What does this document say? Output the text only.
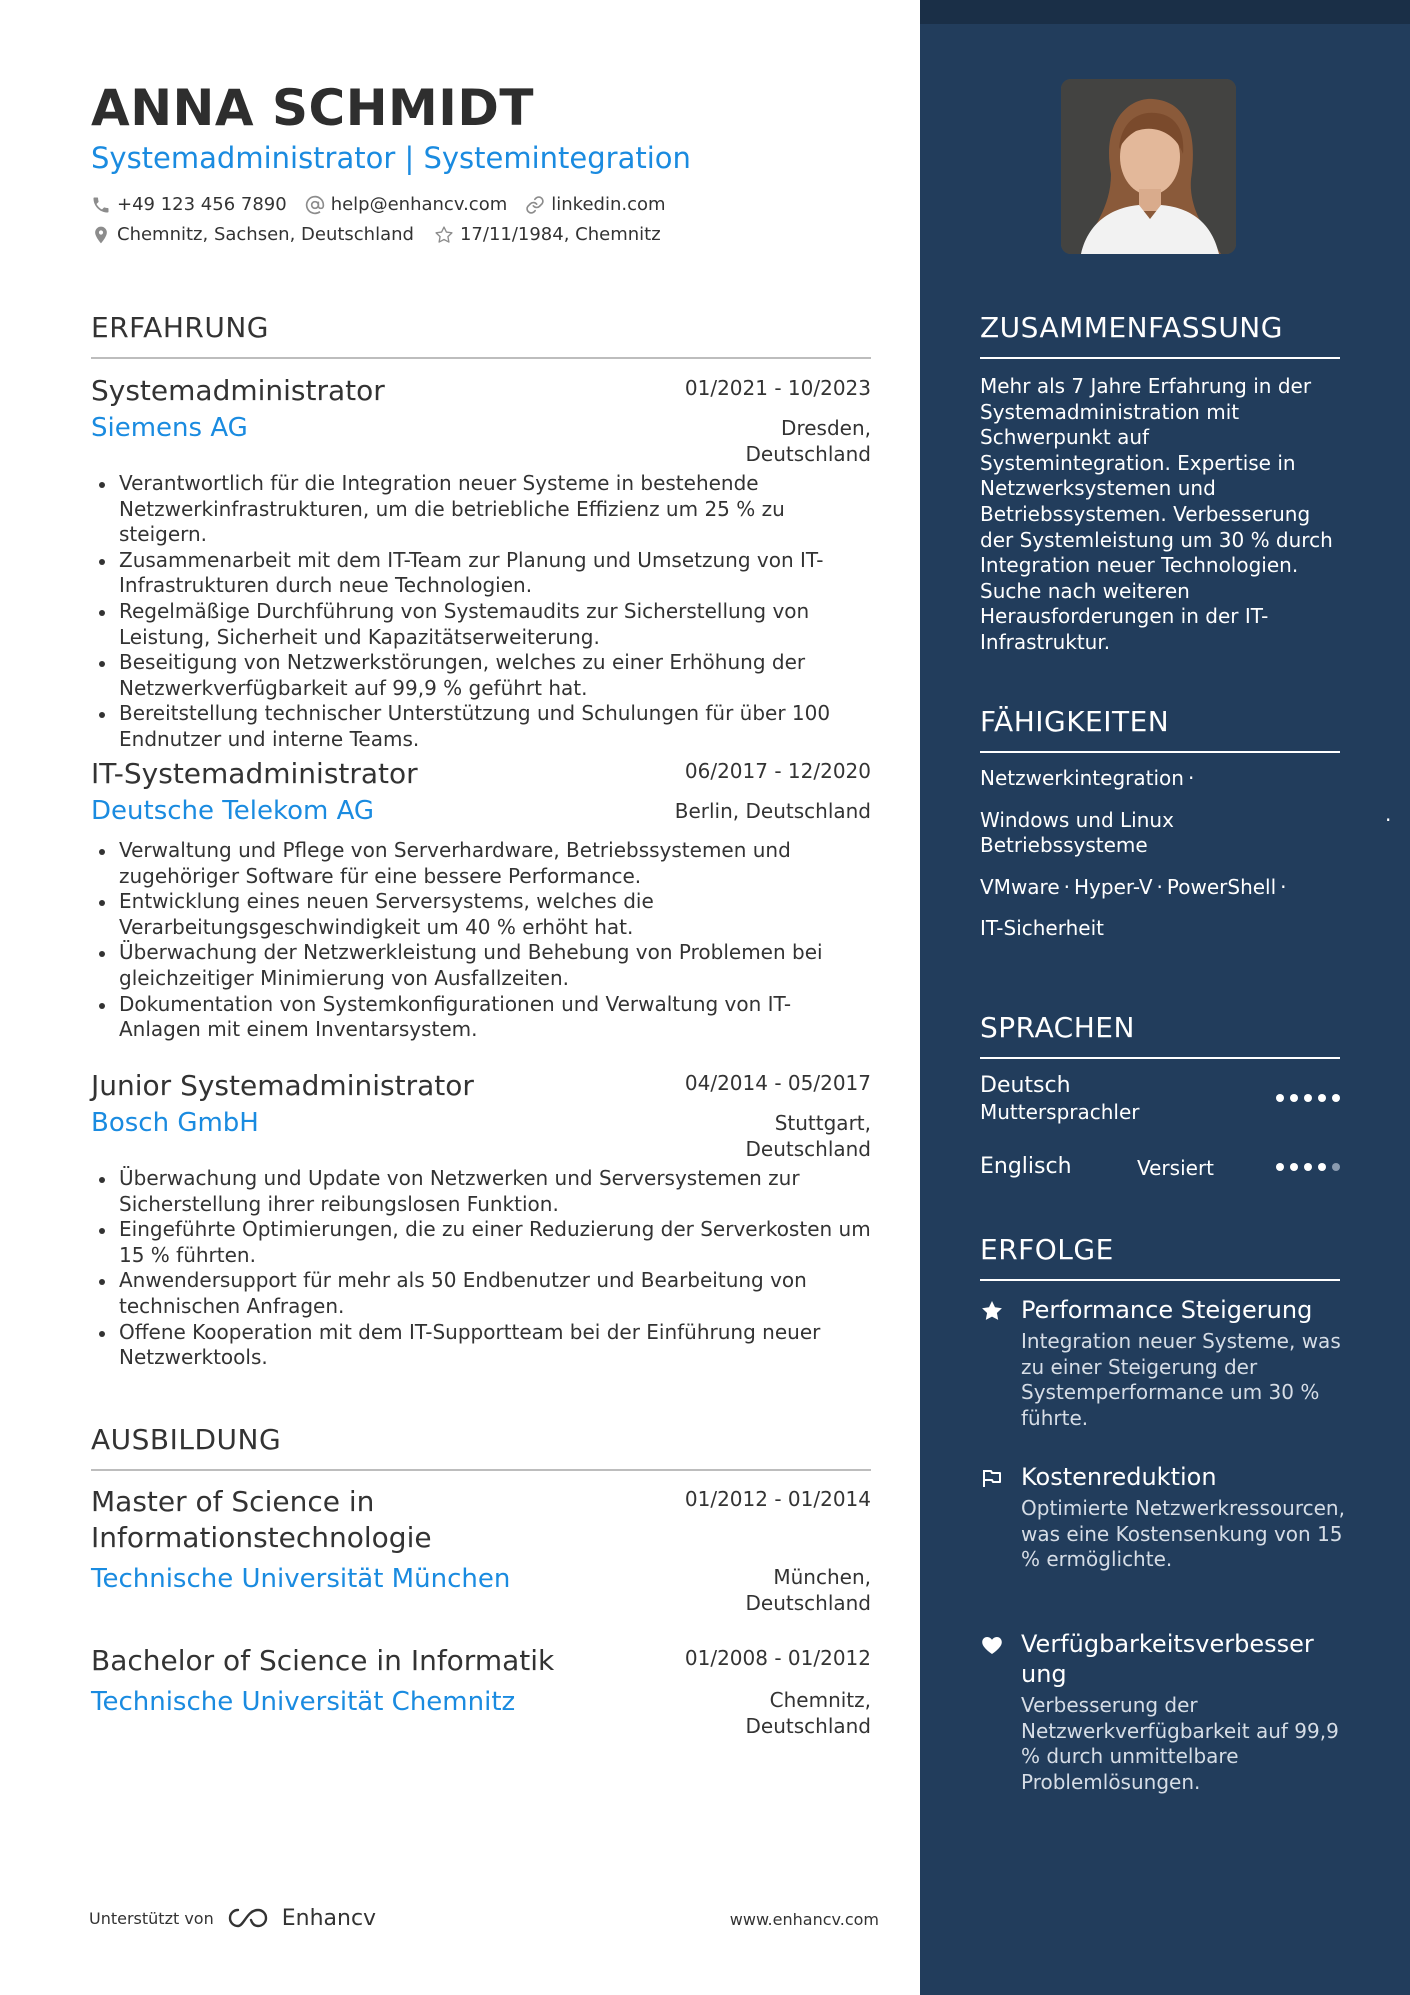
ANNA SCHMIDT
Systemadministrator | Systemintegration
+49 123 456 7890 help@enhancv.com linkedin.com
Chemnitz, Sachsen, Deutschland	17/11/1984, Chemnitz
ERFAHRUNG
Systemadministrator	01/2021 - 10/2023
Siemens AG	Dresden, Deutschland
Verantwortlich für die Integration neuer Systeme in bestehende Netzwerkinfrastrukturen, um die betriebliche Effizienz um 25 % zu steigern.
Zusammenarbeit mit dem IT-Team zur Planung und Umsetzung von IT-Infrastrukturen durch neue Technologien.
Regelmäßige Durchführung von Systemaudits zur Sicherstellung von Leistung, Sicherheit und Kapazitätserweiterung.
Beseitigung von Netzwerkstörungen, welches zu einer Erhöhung der Netzwerkverfügbarkeit auf 99,9 % geführt hat.
Bereitstellung technischer Unterstützung und Schulungen für über 100 Endnutzer und interne Teams.
IT-Systemadministrator	06/2017 - 12/2020
Deutsche Telekom AG	Berlin, Deutschland
Verwaltung und Pflege von Serverhardware, Betriebssystemen und zugehöriger Software für eine bessere Performance.
Entwicklung eines neuen Serversystems, welches die Verarbeitungsgeschwindigkeit um 40 % erhöht hat.
Überwachung der Netzwerkleistung und Behebung von Problemen bei gleichzeitiger Minimierung von Ausfallzeiten.
Dokumentation von Systemkonfigurationen und Verwaltung von IT-Anlagen mit einem Inventarsystem.
Junior Systemadministrator	04/2014 - 05/2017
Bosch GmbH	Stuttgart, Deutschland
Überwachung und Update von Netzwerken und Serversystemen zur Sicherstellung ihrer reibungslosen Funktion.
Eingeführte Optimierungen, die zu einer Reduzierung der Serverkosten um 15 % führten.
Anwendersupport für mehr als 50 Endbenutzer und Bearbeitung von technischen Anfragen.
Offene Kooperation mit dem IT-Supportteam bei der Einführung neuer Netzwerktools.
AUSBILDUNG
Master of Science in Informationstechnologie
01/2012 - 01/2014
Technische Universität München	München, Deutschland
Bachelor of Science in Informatik	01/2008 - 01/2012
Technische Universität Chemnitz	Chemnitz, Deutschland
Unterstützt von	Enhancv	www.enhancv.com
ZUSAMMENFASSUNG
Mehr als 7 Jahre Erfahrung in der Systemadministration mit Schwerpunkt auf Systemintegration. Expertise in Netzwerksystemen und Betriebssystemen. Verbesserung der Systemleistung um 30 % durch Integration neuer Technologien. Suche nach weiteren Herausforderungen in der IT-Infrastruktur.
FÄHIGKEITEN
Netzwerkintegration ·
Windows und Linux Betriebssysteme
·
VMware · Hyper-V · PowerShell ·
IT-Sicherheit
SPRACHEN
Deutsch
Muttersprachler
Englisch	Versiert
ERFOLGE
Performance Steigerung
Integration neuer Systeme, was zu einer Steigerung der Systemperformance um 30 % führte.
Kostenreduktion
Optimierte Netzwerkressourcen, was eine Kostensenkung von 15 % ermöglichte.
Verfügbarkeitsverbesserung
Verbesserung der Netzwerkverfügbarkeit auf 99,9 % durch unmittelbare Problemlösungen.
